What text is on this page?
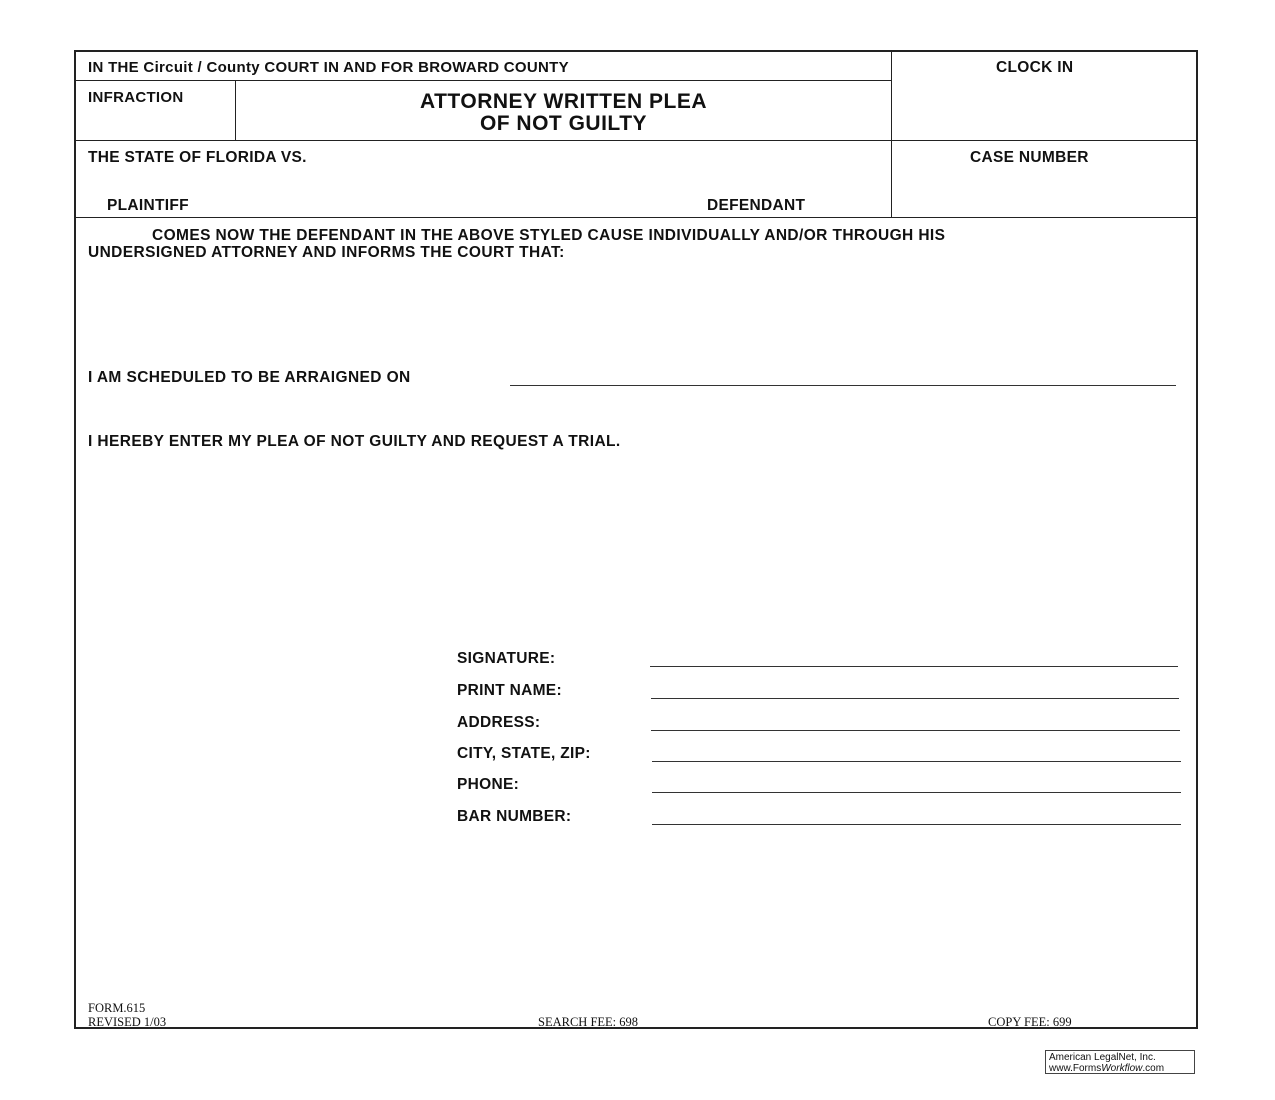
IN THE Circuit / County COURT IN AND FOR BROWARD COUNTY
INFRACTION	ATTORNEY WRITTEN PLEA
OF NOT GUILTY
CLOCK IN
THE STATE OF FLORIDA VS.
PLAINTIFF	DEFENDANT
CASE NUMBER
COMES NOW THE DEFENDANT IN THE ABOVE STYLED CAUSE INDIVIDUALLY AND/OR THROUGH HIS
UNDERSIGNED ATTORNEY AND INFORMS THE COURT THAT:
I AM SCHEDULED TO BE ARRAIGNED ON
I HEREBY ENTER MY PLEA OF NOT GUILTY AND REQUEST A TRIAL.
SIGNATURE:
PRINT NAME:
ADDRESS:
CITY, STATE, ZIP:
PHONE:
BAR NUMBER:
FORM.615
REVISED 1/03	SEARCH FEE: 698	COPY FEE: 699
American LegalNet, Inc.
www.FormsWorkflow.com
